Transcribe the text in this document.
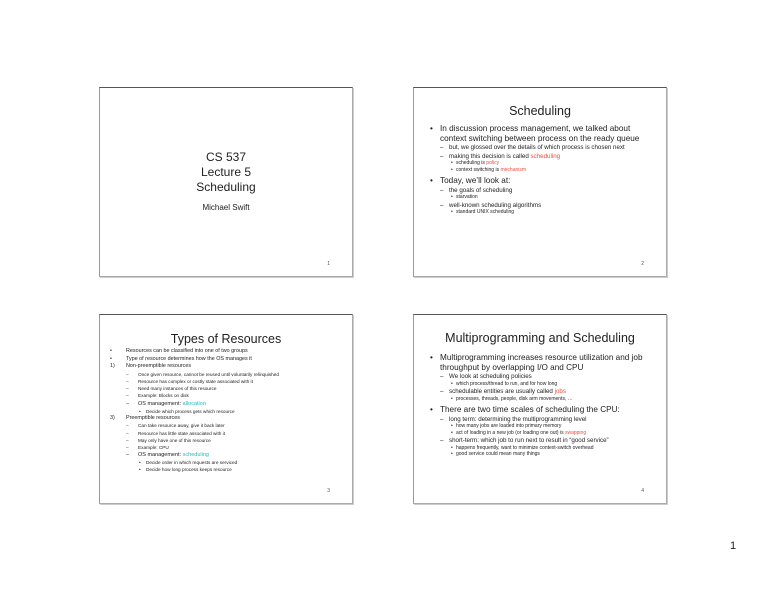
CS 537
Lecture 5
Scheduling
Michael Swift
1
Scheduling
• In discussion process management, we talked about context switching between process on the ready queue
– but, we glossed over the details of which process is chosen next
– making this decision is called scheduling
• scheduling is policy
• context switching is mechanism
• Today, we’ll look at:
– the goals of scheduling
• starvation
– well-known scheduling algorithms
• standard UNIX scheduling
2
Types of Resources
•	Resources can be classified into one of two groups
•	Type of resource determines how the OS manages it
1) Non-preemptible resources
– Once given resource, cannot be reused until voluntarily relinquished
– Resource has complex or costly state associated with it
– Need many instances of this resource
– Example: Blocks on disk
– OS management: allocation
• Decide which process gets which resource
3) Preemptible resources
– Can take resource away, give it back later
– Resource has little state associated with it
– May only have one of this resource
– Example: CPU
– OS management: scheduling
• Decide order in which requests are serviced
• Decide how long process keeps resource
3
Multiprogramming and Scheduling
• Multiprogramming increases resource utilization and job throughput by overlapping I/O and CPU
– We look at scheduling policies
• which process/thread to run, and for how long
– schedulable entities are usually called jobs
• processes, threads, people, disk arm movements, …
• There are two time scales of scheduling the CPU:
– long term: determining the multiprogramming level
• how many jobs are loaded into primary memory
• act of loading in a new job (or loading one out) is swapping
– short-term: which job to run next to result in “good service”
• happens frequently, want to minimize context-switch overhead
• good service could mean many things
4
1
